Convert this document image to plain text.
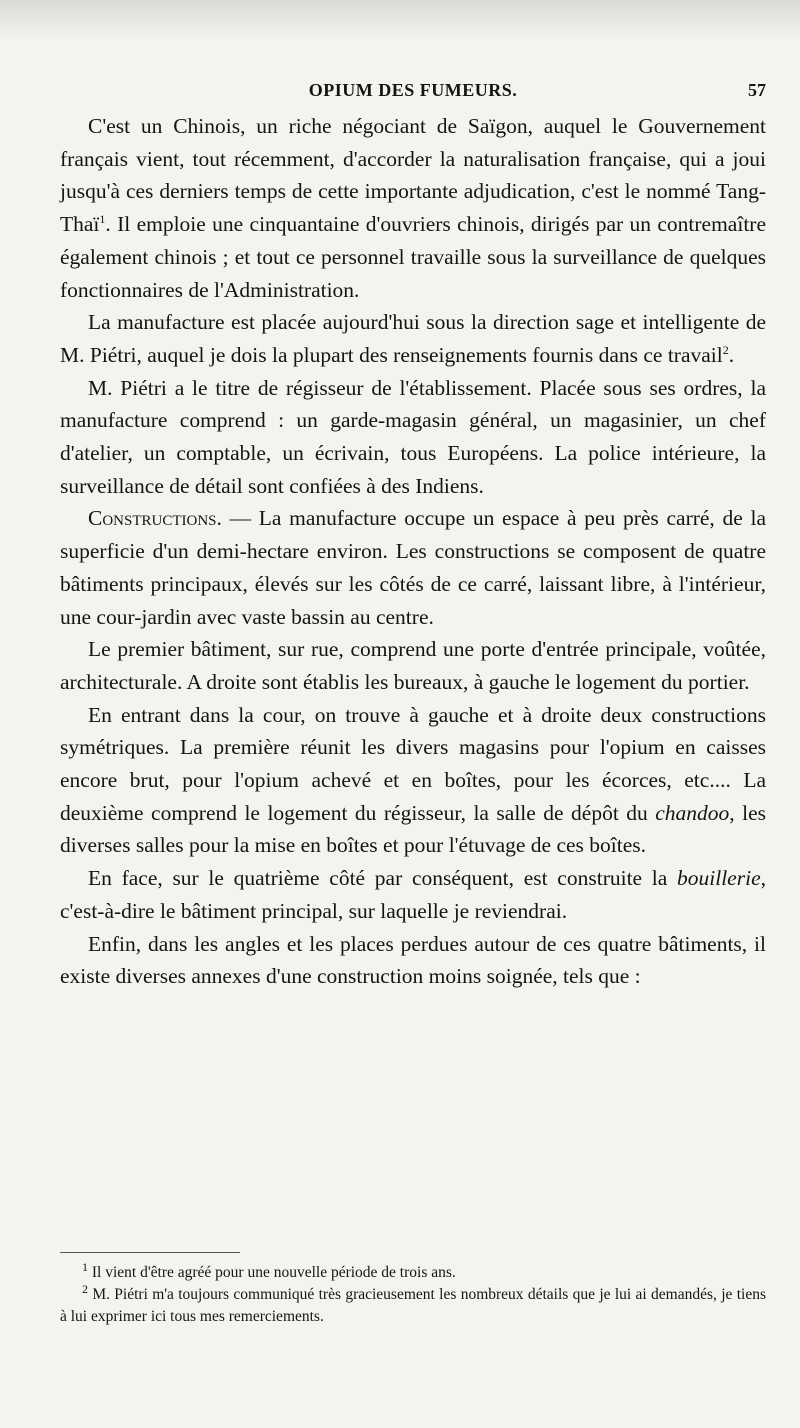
OPIUM DES FUMEURS.	57

C'est un Chinois, un riche négociant de Saïgon, auquel le Gouvernement français vient, tout récemment, d'accorder la naturalisation française, qui a joui jusqu'à ces derniers temps de cette importante adjudication, c'est le nommé Tang-Thaï$^1$. Il emploie une cinquantaine d'ouvriers chinois, dirigés par un contremaître également chinois ; et tout ce personnel travaille sous la surveillance de quelques fonctionnaires de l'Administration.

La manufacture est placée aujourd'hui sous la direction sage et intelligente de M. Piétri, auquel je dois la plupart des renseignements fournis dans ce travail$^2$.

M. Piétri a le titre de régisseur de l'établissement. Placée sous ses ordres, la manufacture comprend : un garde-magasin général, un magasinier, un chef d'atelier, un comptable, un écrivain, tous Européens. La police intérieure, la surveillance de détail sont confiées à des Indiens.

Constructions. — La manufacture occupe un espace à peu près carré, de la superficie d'un demi-hectare environ. Les constructions se composent de quatre bâtiments principaux, élevés sur les côtés de ce carré, laissant libre, à l'intérieur, une cour-jardin avec vaste bassin au centre.

Le premier bâtiment, sur rue, comprend une porte d'entrée principale, voûtée, architecturale. A droite sont établis les bureaux, à gauche le logement du portier.

En entrant dans la cour, on trouve à gauche et à droite deux constructions symétriques. La première réunit les divers magasins pour l'opium en caisses encore brut, pour l'opium achevé et en boîtes, pour les écorces, etc.... La deuxième comprend le logement du régisseur, la salle de dépôt du chandoo, les diverses salles pour la mise en boîtes et pour l'étuvage de ces boîtes.

En face, sur le quatrième côté par conséquent, est construite la bouillerie, c'est-à-dire le bâtiment principal, sur laquelle je reviendrai.

Enfin, dans les angles et les places perdues autour de ces quatre bâtiments, il existe diverses annexes d'une construction moins soignée, tels que :

$^1$ Il vient d'être agréé pour une nouvelle période de trois ans.

$^2$ M. Piétri m'a toujours communiqué très gracieusement les nombreux détails que je lui ai demandés, je tiens à lui exprimer ici tous mes remerciements.
